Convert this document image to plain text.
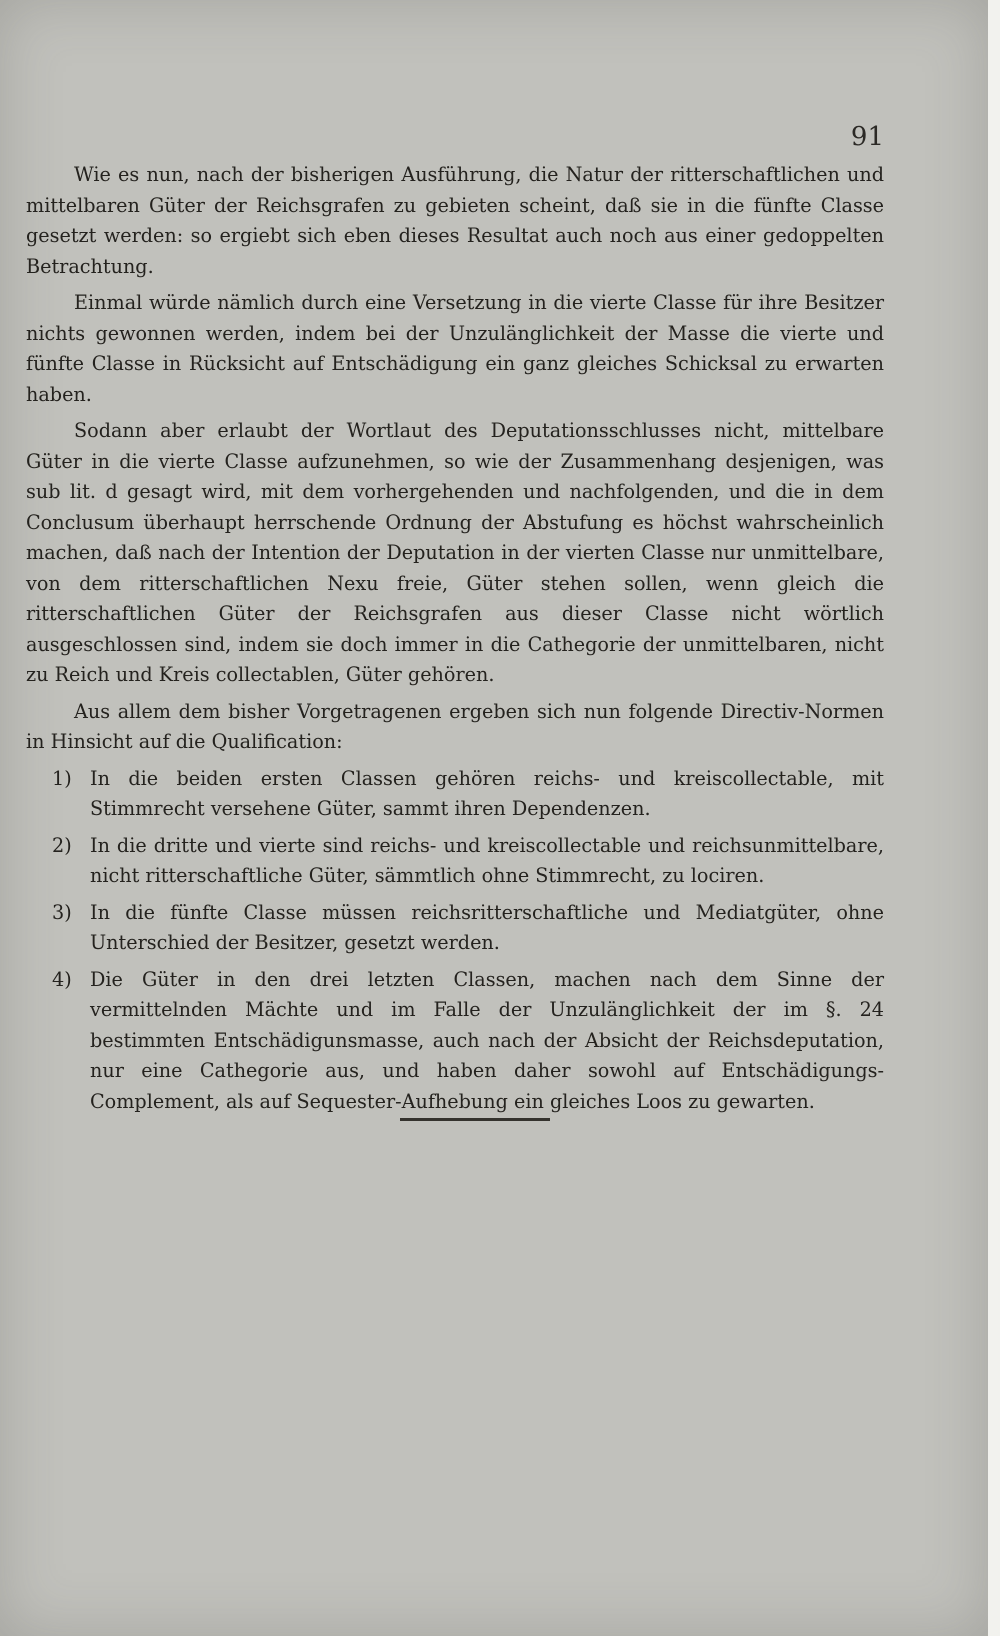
91

Wie es nun, nach der bisherigen Ausführung, die Natur der ritterschaftlichen und mittelbaren Güter der Reichsgrafen zu gebieten scheint, daß sie in die fünfte Classe gesetzt werden: so ergiebt sich eben dieses Resultat auch noch aus einer gedoppelten Betrachtung.

Einmal würde nämlich durch eine Versetzung in die vierte Classe für ihre Besitzer nichts gewonnen werden, indem bei der Unzulänglichkeit der Masse die vierte und fünfte Classe in Rücksicht auf Entschädigung ein ganz gleiches Schicksal zu erwarten haben.

Sodann aber erlaubt der Wortlaut des Deputationsschlusses nicht, mittelbare Güter in die vierte Classe aufzunehmen, so wie der Zusammenhang desjenigen, was sub lit. d gesagt wird, mit dem vorhergehenden und nachfolgenden, und die in dem Conclusum überhaupt herrschende Ordnung der Abstufung es höchst wahrscheinlich machen, daß nach der Intention der Deputation in der vierten Classe nur unmittelbare, von dem ritterschaftlichen Nexu freie, Güter stehen sollen, wenn gleich die ritterschaftlichen Güter der Reichsgrafen aus dieser Classe nicht wörtlich ausgeschlossen sind, indem sie doch immer in die Cathegorie der unmittelbaren, nicht zu Reich und Kreis collectablen, Güter gehören.

Aus allem dem bisher Vorgetragenen ergeben sich nun folgende Directiv-Normen in Hinsicht auf die Qualification:

1) In die beiden ersten Classen gehören reichs- und kreiscollectable, mit Stimmrecht versehene Güter, sammt ihren Dependenzen.
2) In die dritte und vierte sind reichs- und kreiscollectable und reichsunmittelbare, nicht ritterschaftliche Güter, sämmtlich ohne Stimmrecht, zu lociren.
3) In die fünfte Classe müssen reichsritterschaftliche und Mediatgüter, ohne Unterschied der Besitzer, gesetzt werden.
4) Die Güter in den drei letzten Classen, machen nach dem Sinne der vermittelnden Mächte und im Falle der Unzulänglichkeit der im §. 24 bestimmten Entschädigunsmasse, auch nach der Absicht der Reichsdeputation, nur eine Cathegorie aus, und haben daher sowohl auf Entschädigungs-Complement, als auf Sequester-Aufhebung ein gleiches Loos zu gewarten.
